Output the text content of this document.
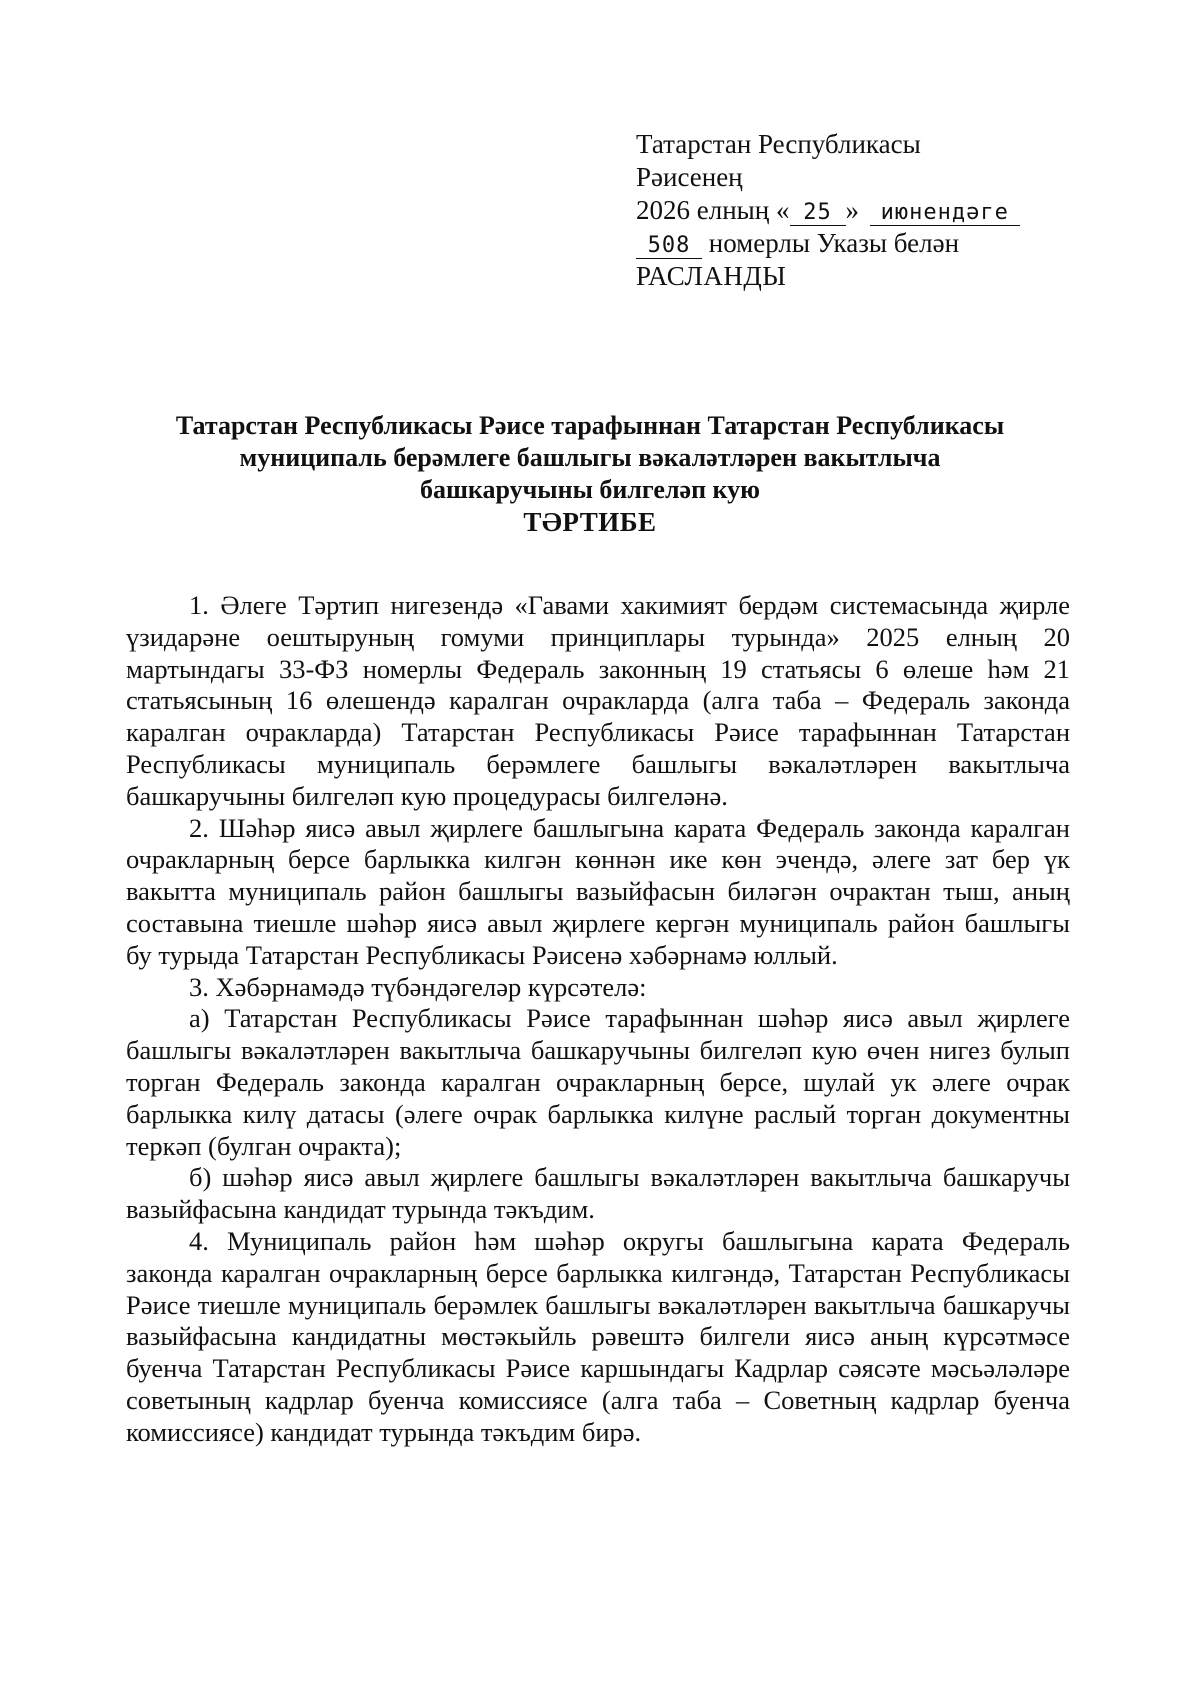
Татарстан Республикасы
Рәисенең
2026 елның « 25 » июнендәге
508 номерлы Указы белән
РАСЛАНДЫ
Татарстан Республикасы Рәисе тарафыннан Татарстан Республикасы
муниципаль берәмлеге башлыгы вәкаләтләрен вакытлыча
башкаручыны билгеләп кую
ТӘРТИБЕ

1. Әлеге Тәртип нигезендә «Гавами хакимият бердәм системасында җирле үзидарәне оештыруның гомуми принциплары турында» 2025 елның 20 мартындагы 33-ФЗ номерлы Федераль законның 19 статьясы 6 өлеше һәм 21 статьясының 16 өлешендә каралган очракларда (алга таба – Федераль законда каралган очракларда) Татарстан Республикасы Рәисе тарафыннан Татарстан Республикасы муниципаль берәмлеге башлыгы вәкаләтләрен вакытлыча башкаручыны билгеләп кую процедурасы билгеләнә.

2. Шәһәр яисә авыл җирлеге башлыгына карата Федераль законда каралган очракларның берсе барлыкка килгән көннән ике көн эчендә, әлеге зат бер үк вакытта муниципаль район башлыгы вазыйфасын биләгән очрактан тыш, аның составына тиешле шәһәр яисә авыл җирлеге кергән муниципаль район башлыгы бу турыда Татарстан Республикасы Рәисенә хәбәрнамә юллый.

3. Хәбәрнамәдә түбәндәгеләр күрсәтелә:

а) Татарстан Республикасы Рәисе тарафыннан шәһәр яисә авыл җирлеге башлыгы вәкаләтләрен вакытлыча башкаручыны билгеләп кую өчен нигез булып торган Федераль законда каралган очракларның берсе, шулай ук әлеге очрак барлыкка килү датасы (әлеге очрак барлыкка килүне раслый торган документны теркәп (булган очракта);

б) шәһәр яисә авыл җирлеге башлыгы вәкаләтләрен вакытлыча башкаручы вазыйфасына кандидат турында тәкъдим.

4. Муниципаль район һәм шәһәр округы башлыгына карата Федераль законда каралган очракларның берсе барлыкка килгәндә, Татарстан Республикасы Рәисе тиешле муниципаль берәмлек башлыгы вәкаләтләрен вакытлыча башкаручы вазыйфасына кандидатны мөстәкыйль рәвештә билгели яисә аның күрсәтмәсе буенча Татарстан Республикасы Рәисе каршындагы Кадрлар сәясәте мәсьәләләре советының кадрлар буенча комиссиясе (алга таба – Советның кадрлар буенча комиссиясе) кандидат турында тәкъдим бирә.
